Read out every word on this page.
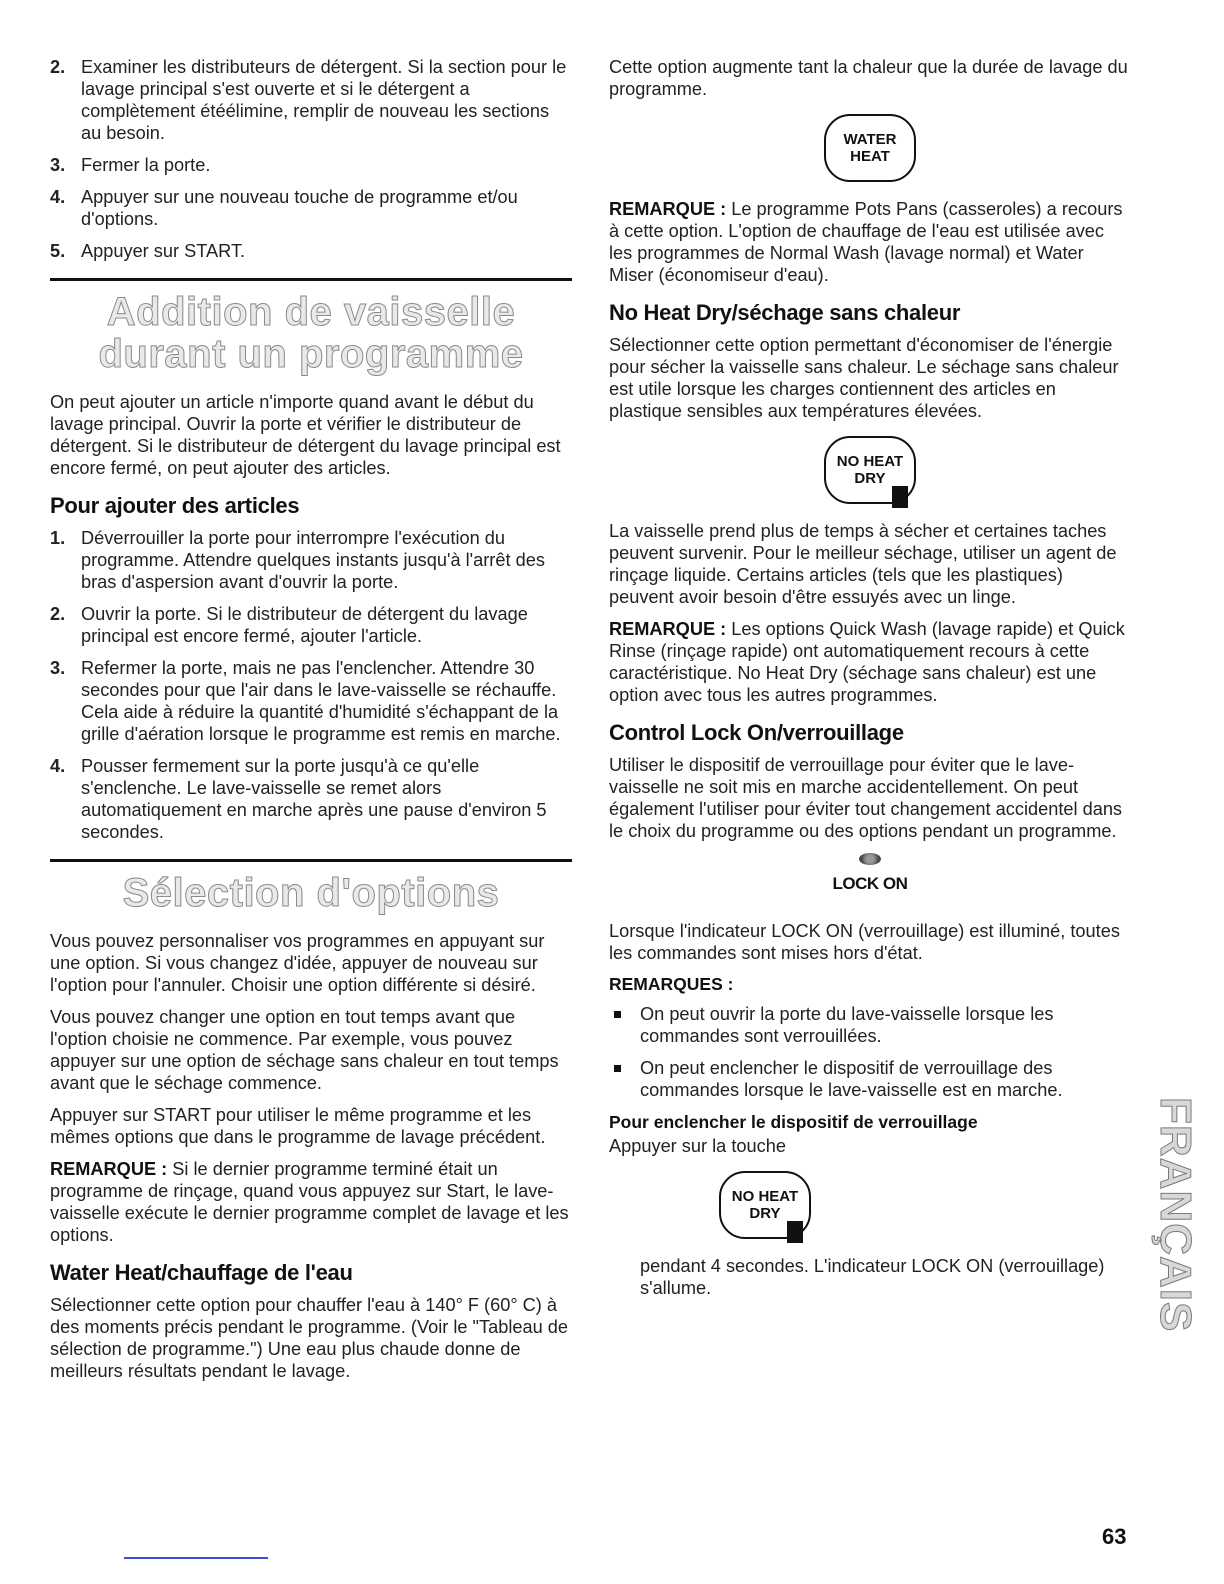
2. Examiner les distributeurs de détergent. Si la section pour le lavage principal s'est ouverte et si le détergent a complètement étéélimine, remplir de nouveau les sections au besoin.
3. Fermer la porte.
4. Appuyer sur une nouveau touche de programme et/ou d'options.
5. Appuyer sur START.
Addition de vaisselle
durant un programme

On peut ajouter un article n'importe quand avant le début du lavage principal. Ouvrir la porte et vérifier le distributeur de détergent. Si le distributeur de détergent du lavage principal est encore fermé, on peut ajouter des articles.

Pour ajouter des articles
1. Déverrouiller la porte pour interrompre l'exécution du programme. Attendre quelques instants jusqu'à l'arrêt des bras d'aspersion avant d'ouvrir la porte.
2. Ouvrir la porte. Si le distributeur de détergent du lavage principal est encore fermé, ajouter l'article.
3. Refermer la porte, mais ne pas l'enclencher. Attendre 30 secondes pour que l'air dans le lave-vaisselle se réchauffe. Cela aide à réduire la quantité d'humidité s'échappant de la grille d'aération lorsque le programme est remis en marche.
4. Pousser fermement sur la porte jusqu'à ce qu'elle s'enclenche. Le lave-vaisselle se remet alors automatiquement en marche après une pause d'environ 5 secondes.
Sélection d'options

Vous pouvez personnaliser vos programmes en appuyant sur une option. Si vous changez d'idée, appuyer de nouveau sur l'option pour l'annuler. Choisir une option différente si désiré.

Vous pouvez changer une option en tout temps avant que l'option choisie ne commence. Par exemple, vous pouvez appuyer sur une option de séchage sans chaleur en tout temps avant que le séchage commence.

Appuyer sur START pour utiliser le même programme et les mêmes options que dans le programme de lavage précédent.

REMARQUE : Si le dernier programme terminé était un programme de rinçage, quand vous appuyez sur Start, le lave-vaisselle exécute le dernier programme complet de lavage et les options.

Water Heat/chauffage de l'eau

Sélectionner cette option pour chauffer l'eau à 140° F (60° C) à des moments précis pendant le programme. (Voir le "Tableau de sélection de programme.") Une eau plus chaude donne de meilleurs résultats pendant le lavage.

Cette option augmente tant la chaleur que la durée de lavage du programme.

WATER
HEAT

REMARQUE : Le programme Pots Pans (casseroles) a recours à cette option. L'option de chauffage de l'eau est utilisée avec les programmes de Normal Wash (lavage normal) et Water Miser (économiseur d'eau).

No Heat Dry/séchage sans chaleur

Sélectionner cette option permettant d'économiser de l'énergie pour sécher la vaisselle sans chaleur. Le séchage sans chaleur est utile lorsque les charges contiennent des articles en plastique sensibles aux températures élevées.

NO HEAT
DRY

La vaisselle prend plus de temps à sécher et certaines taches peuvent survenir. Pour le meilleur séchage, utiliser un agent de rinçage liquide. Certains articles (tels que les plastiques) peuvent avoir besoin d'être essuyés avec un linge.

REMARQUE : Les options Quick Wash (lavage rapide) et Quick Rinse (rinçage rapide) ont automatiquement recours à cette caractéristique. No Heat Dry (séchage sans chaleur) est une option avec tous les autres programmes.

Control Lock On/verrouillage

Utiliser le dispositif de verrouillage pour éviter que le lave-vaisselle ne soit mis en marche accidentellement. On peut également l'utiliser pour éviter tout changement accidentel dans le choix du programme ou des options pendant un programme.

LOCK ON

Lorsque l'indicateur LOCK ON (verrouillage) est illuminé, toutes les commandes sont mises hors d'état.

REMARQUES :
On peut ouvrir la porte du lave-vaisselle lorsque les commandes sont verrouillées.
On peut enclencher le dispositif de verrouillage des commandes lorsque le lave-vaisselle est en marche.
Pour enclencher le dispositif de verrouillage

Appuyer sur la touche

NO HEAT
DRY

pendant 4 secondes. L'indicateur LOCK ON (verrouillage) s'allume.	FRANÇAIS
63
